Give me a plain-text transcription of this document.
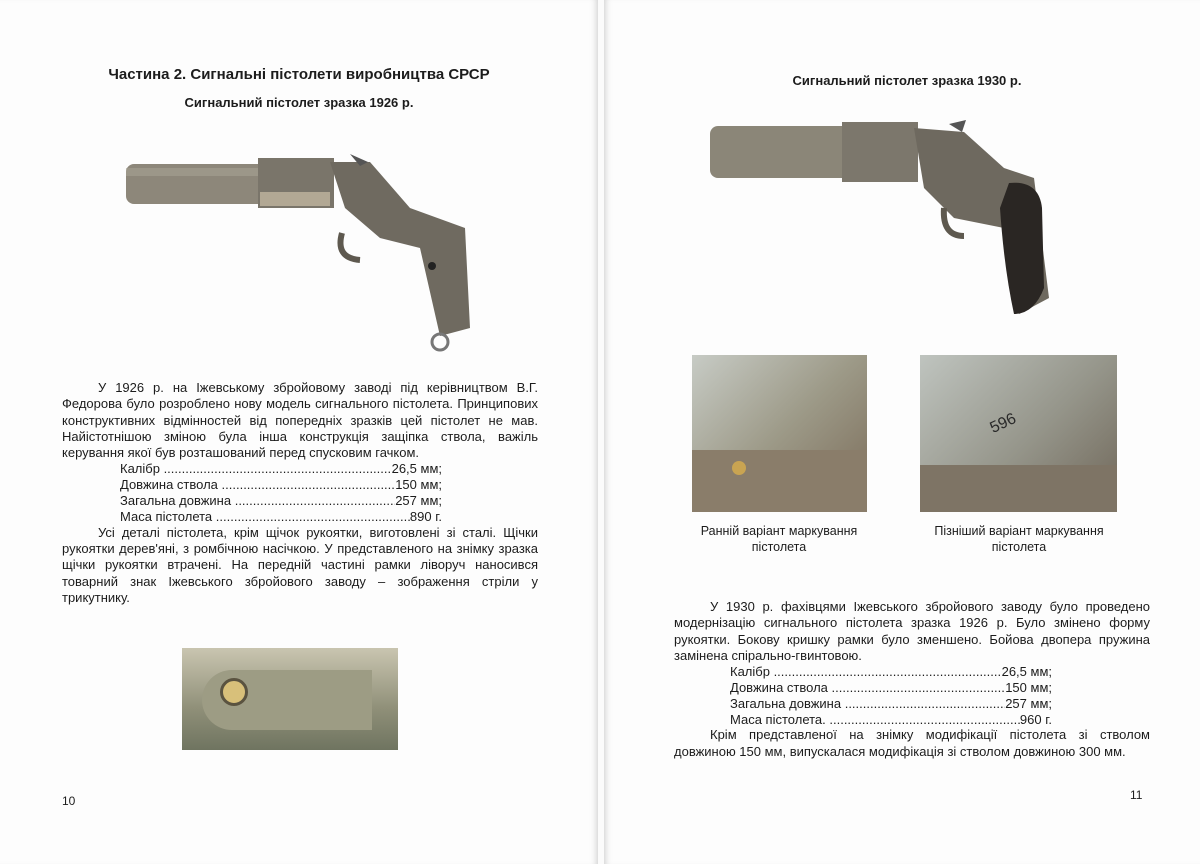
Частина 2. Сигнальні пістолети виробництва СРСР
Сигнальний пістолет зразка 1926 р.

У 1926 р. на Іжевському збройовому заводі під керівництвом В.Г. Федорова було розроблено нову модель сигнального пістолета. Принципових конструктивних відмінностей від попередніх зразків цей пістолет не мав. Найістотнішою зміною була інша конструкція защіпка ствола, важіль керування якої був розташований перед спусковим гачком.

Калібр .....	26,5 мм;
Довжина ствола .....	150 мм;
Загальна довжина .....	257 мм;
Маса пістолета .....	890 г.

Усі деталі пістолета, крім щічок рукоятки, виготовлені зі сталі. Щічки рукоятки дерев'яні, з ромбічною насічкою. У представленого на знімку зразка щічки рукоятки втрачені. На передній частині рамки ліворуч наносився товарний знак Іжевського збройового заводу – зображення стріли у трикутнику.

10
Сигнальний пістолет зразка 1930 р.
596
Ранній варіант маркування пістолета
Пізніший варіант маркування пістолета

У 1930 р. фахівцями Іжевського збройового заводу було проведено модернізацію сигнального пістолета зразка 1926 р. Було змінено форму рукоятки. Бокову кришку рамки було зменшено. Бойова двопера пружина замінена спірально-гвинтовою.

Калібр .....	26,5 мм;
Довжина ствола .....	150 мм;
Загальна довжина .....	257 мм;
Маса пістолета. .....	960 г.

Крім представленої на знімку модифікації пістолета зі стволом довжиною 150 мм, випускалася модифікація зі стволом довжиною 300 мм.

11
